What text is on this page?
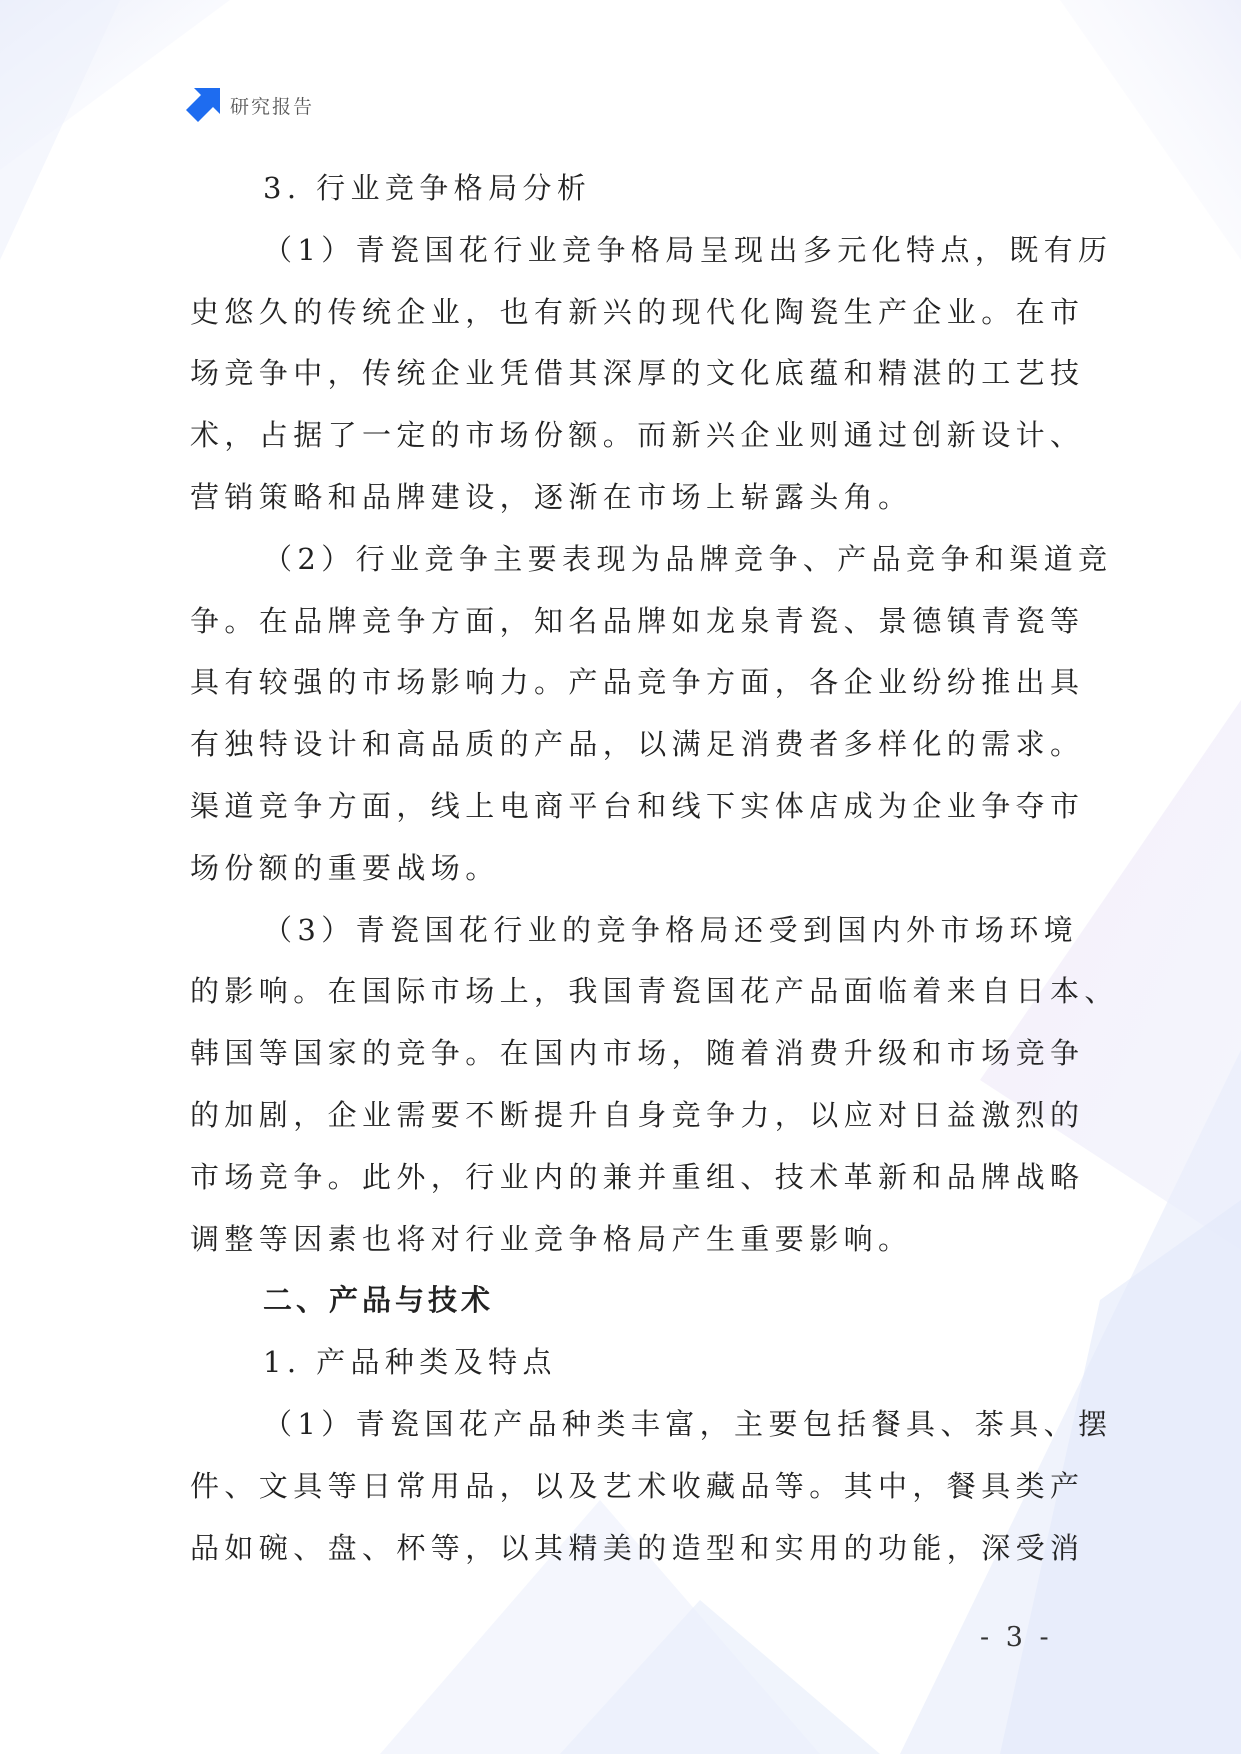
研究报告

3. 行业竞争格局分析

（1）青瓷国花行业竞争格局呈现出多元化特点，既有历

史悠久的传统企业，也有新兴的现代化陶瓷生产企业。在市

场竞争中，传统企业凭借其深厚的文化底蕴和精湛的工艺技

术，占据了一定的市场份额。而新兴企业则通过创新设计、

营销策略和品牌建设，逐渐在市场上崭露头角。

（2）行业竞争主要表现为品牌竞争、产品竞争和渠道竞

争。在品牌竞争方面，知名品牌如龙泉青瓷、景德镇青瓷等

具有较强的市场影响力。产品竞争方面，各企业纷纷推出具

有独特设计和高品质的产品，以满足消费者多样化的需求。

渠道竞争方面，线上电商平台和线下实体店成为企业争夺市

场份额的重要战场。

（3）青瓷国花行业的竞争格局还受到国内外市场环境

的影响。在国际市场上，我国青瓷国花产品面临着来自日本、

韩国等国家的竞争。在国内市场，随着消费升级和市场竞争

的加剧，企业需要不断提升自身竞争力，以应对日益激烈的

市场竞争。此外，行业内的兼并重组、技术革新和品牌战略

调整等因素也将对行业竞争格局产生重要影响。

二、产品与技术

1. 产品种类及特点

（1）青瓷国花产品种类丰富，主要包括餐具、茶具、摆

件、文具等日常用品，以及艺术收藏品等。其中，餐具类产

品如碗、盘、杯等，以其精美的造型和实用的功能，深受消

- 3 -
